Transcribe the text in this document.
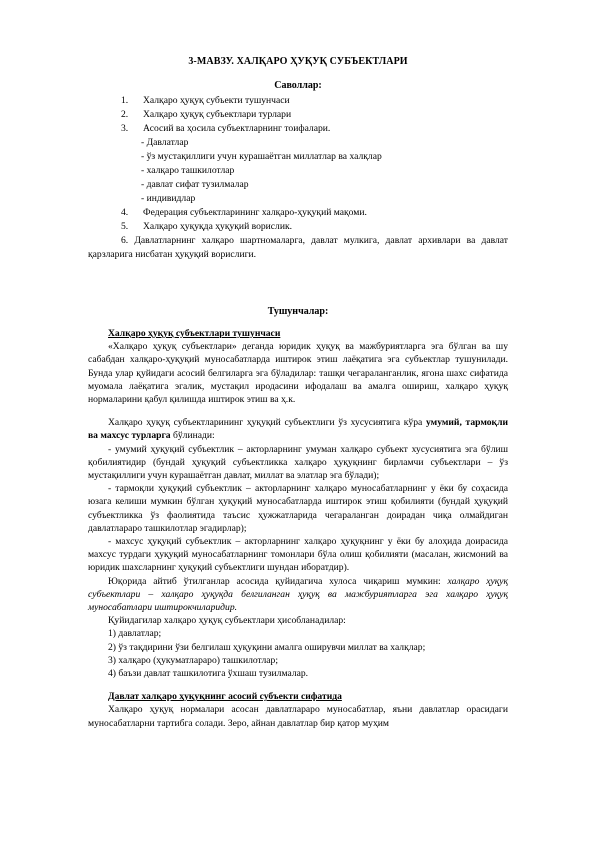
3-МАВЗУ. ХАЛҚАРО ҲУҚУҚ СУБЪЕКТЛАРИ
Саволлар:
1.	Халқаро ҳуқуқ субъекти тушунчаси
2.	Халқаро ҳуқуқ субъектлари турлари
3.	Асосий ва ҳосила субъектларнинг тоифалари.
- Давлатлар
- ўз мустақиллиги учун курашаётган миллатлар ва халқлар
- халқаро ташкилотлар
- давлат сифат тузилмалар
- индивидлар
4.	Федерация субъектларининг халқаро-ҳуқуқий мақоми.
5.	Халқаро ҳуқуқда ҳуқуқий ворислик.
6. Давлатларнинг халқаро шартномаларга, давлат мулкига, давлат архивлари ва давлат қарзларига нисбатан ҳуқуқий ворислиги.
Тушунчалар:

Халқаро ҳуқуқ субъектлари тушунчаси

«Халқаро ҳуқуқ субъектлари» деганда юридик ҳуқуқ ва мажбуриятларга эга бўлган ва шу сабабдан халқаро-ҳуқуқий муносабатларда иштирок этиш лаёқатига эга субъектлар тушунилади. Бунда улар қуйидаги асосий белгиларга эга бўладилар: ташқи чегараланганлик, ягона шахс сифатида муомала лаёқатига эгалик, мустақил иродасини ифодалаш ва амалга ошириш, халқаро ҳуқуқ нормаларини қабул қилишда иштирок этиш ва ҳ.к.

Халқаро ҳуқуқ субъектларининг ҳуқуқий субъектлиги ўз хусусиятига кўра умумий, тармоқли ва махсус турларга бўлинади:

- умумий ҳуқуқий субъектлик – акторларнинг умуман халқаро субъект хусусиятига эга бўлиш қобилиятидир (бундай ҳуқуқий субъектликка халқаро ҳуқуқнинг бирламчи субъектлари – ўз мустақиллиги учун курашаётган давлат, миллат ва элатлар эга бўлади);

- тармоқли ҳуқуқий субъектлик – акторларнинг халқаро муносабатларнинг у ёки бу соҳасида юзага келиши мумкин бўлган ҳуқуқий муносабатларда иштирок этиш қобилияти (бундай ҳуқуқий субъектликка ўз фаолиятида таъсис ҳужжатларида чегараланган доирадан чиқа олмайдиган давлатлараро ташкилотлар эгадирлар);

- махсус ҳуқуқий субъектлик – акторларнинг халқаро ҳуқуқнинг у ёки бу алоҳида доирасида махсус турдаги ҳуқуқий муносабатларнинг томонлари бўла олиш қобилияти (масалан, жисмоний ва юридик шахсларнинг ҳуқуқий субъектлиги шундан иборатдир).

Юқорида айтиб ўтилганлар асосида қуйидагича хулоса чиқариш мумкин: халқаро ҳуқуқ субъектлари – халқаро ҳуқуқда белгиланган ҳуқуқ ва мажбуриятларга эга халқаро ҳуқуқ муносабатлари иштирокчиларидир.

Қуйидагилар халқаро ҳуқуқ субъектлари ҳисобланадилар:

1) давлатлар;

2) ўз тақдирини ўзи белгилаш ҳуқуқини амалга оширувчи миллат ва халқлар;

3) халқаро (ҳукуматлараро) ташкилотлар;

4) баъзи давлат ташкилотига ўхшаш тузилмалар.

Давлат халқаро ҳуқуқнинг асосий субъекти сифатида

Халқаро ҳуқуқ нормалари асосан давлатлараро муносабатлар, яъни давлатлар орасидаги муносабатларни тартибга солади. Зеро, айнан давлатлар бир қатор муҳим
